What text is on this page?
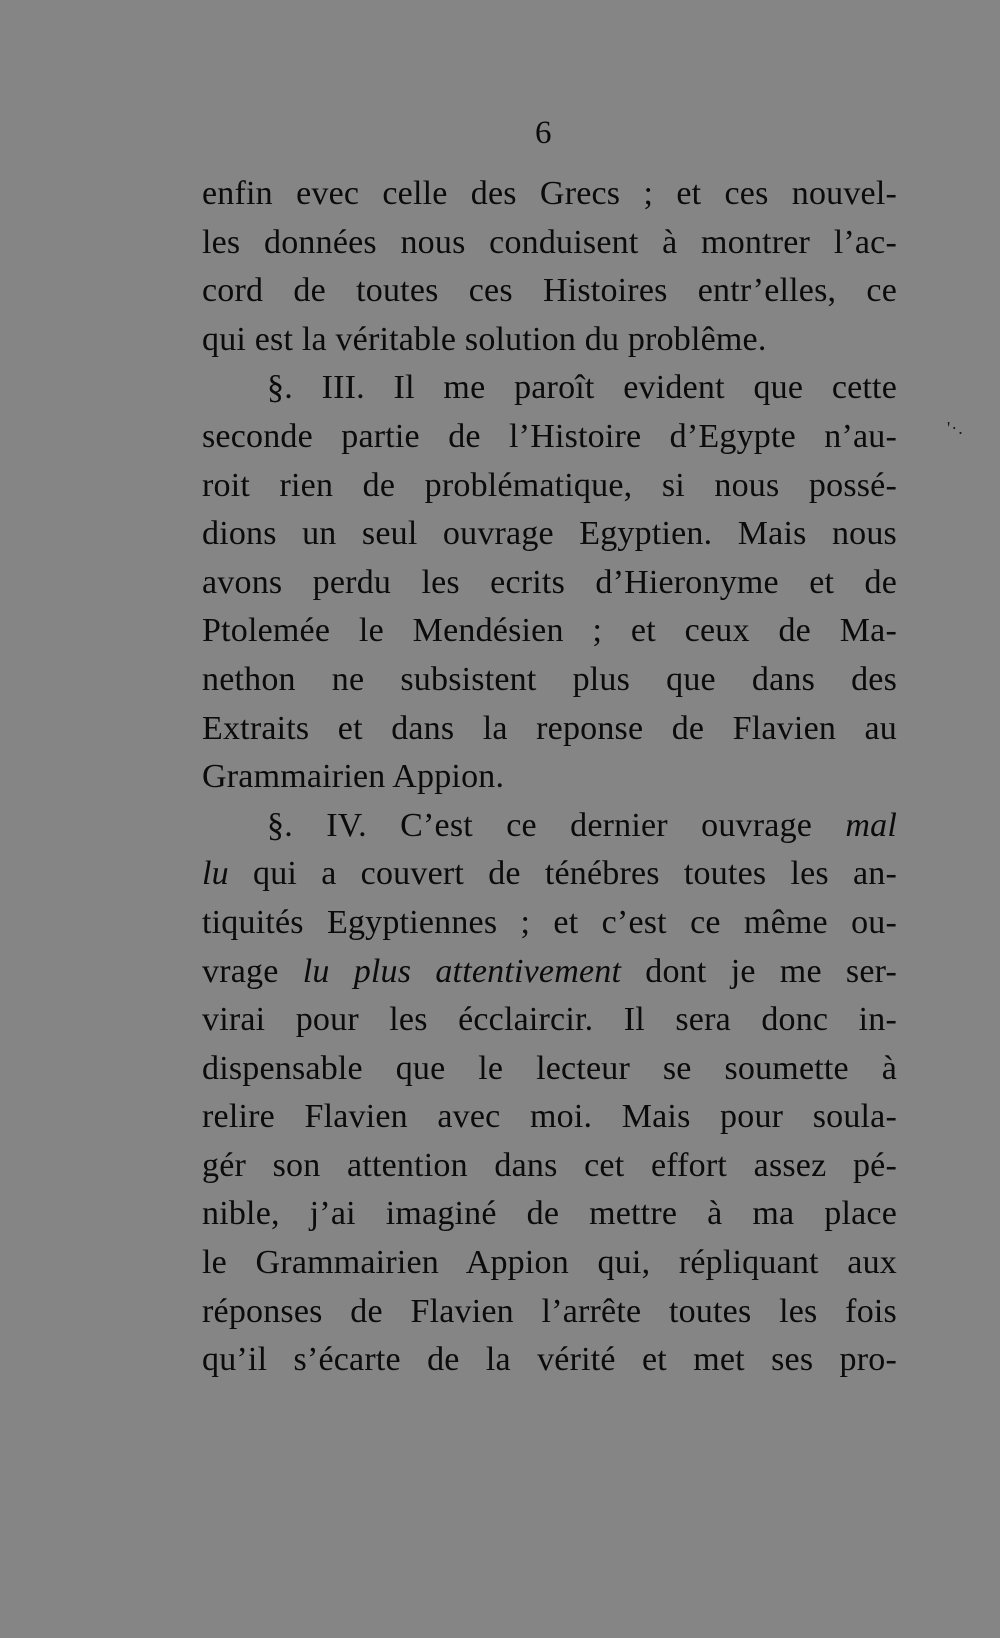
6
'·.
enfin evec celle des Grecs ; et ces nouvel-
les données nous conduisent à montrer l’ac-
cord de toutes ces Histoires entr’elles, ce
qui est la véritable solution du problême.
§. III. Il me paroît evident que cette
seconde partie de l’Histoire d’Egypte n’au-
roit rien de problématique, si nous possé-
dions un seul ouvrage Egyptien. Mais nous
avons perdu les ecrits d’Hieronyme et de
Ptolemée le Mendésien ; et ceux de Ma-
nethon ne subsistent plus que dans des
Extraits et dans la reponse de Flavien au
Grammairien Appion.
§. IV. C’est ce dernier ouvrage mal
lu qui a couvert de ténébres toutes les an-
tiquités Egyptiennes ; et c’est ce même ou-
vrage lu plus attentivement dont je me ser-
virai pour les écclaircir. Il sera donc in-
dispensable que le lecteur se soumette à
relire Flavien avec moi. Mais pour soula-
gér son attention dans cet effort assez pé-
nible, j’ai imaginé de mettre à ma place
le Grammairien Appion qui, répliquant aux
réponses de Flavien l’arrête toutes les fois
qu’il s’écarte de la vérité et met ses pro-
